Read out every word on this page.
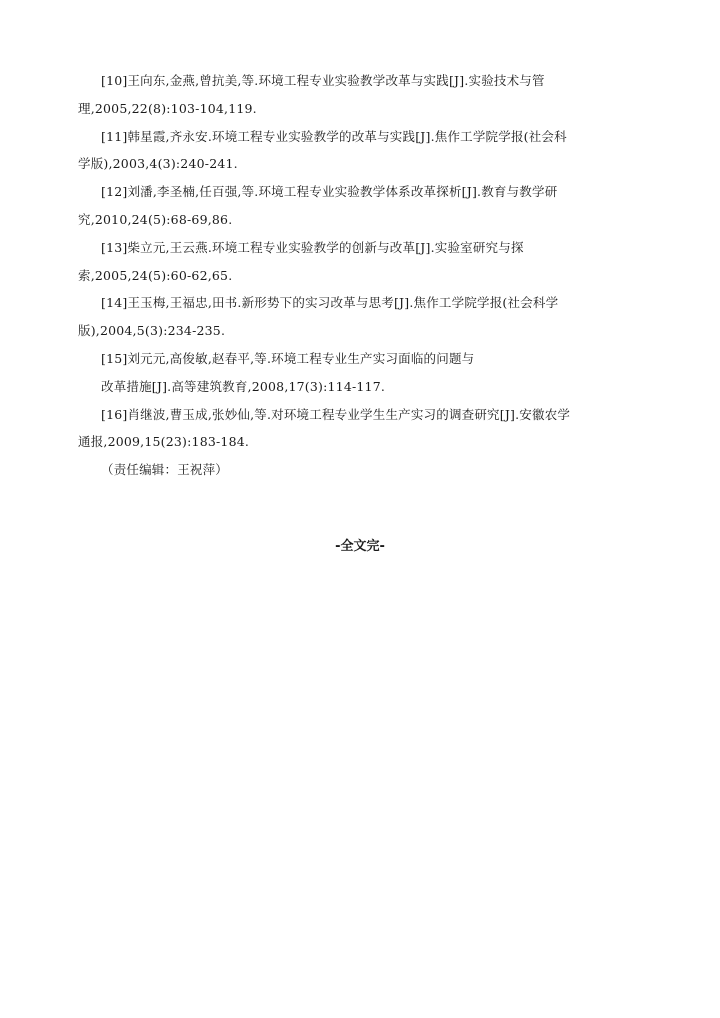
[10]王向东,金燕,曾抗美,等.环境工程专业实验教学改革与实践[J].实验技术与管
理,2005,22(8):103-104,119.
[11]韩星霞,齐永安.环境工程专业实验教学的改革与实践[J].焦作工学院学报(社会科
学版),2003,4(3):240-241.
[12]刘潘,李圣楠,任百强,等.环境工程专业实验教学体系改革探析[J].教育与教学研
究,2010,24(5):68-69,86.
[13]柴立元,王云燕.环境工程专业实验教学的创新与改革[J].实验室研究与探
索,2005,24(5):60-62,65.
[14]王玉梅,王福忠,田书.新形势下的实习改革与思考[J].焦作工学院学报(社会科学
版),2004,5(3):234-235.
[15]刘元元,高俊敏,赵春平,等.环境工程专业生产实习面临的问题与
改革措施[J].高等建筑教育,2008,17(3):114-117.
[16]肖继波,曹玉成,张妙仙,等.对环境工程专业学生生产实习的调查研究[J].安徽农学
通报,2009,15(23):183-184.
（责任编辑：王祝萍）
-全文完-
